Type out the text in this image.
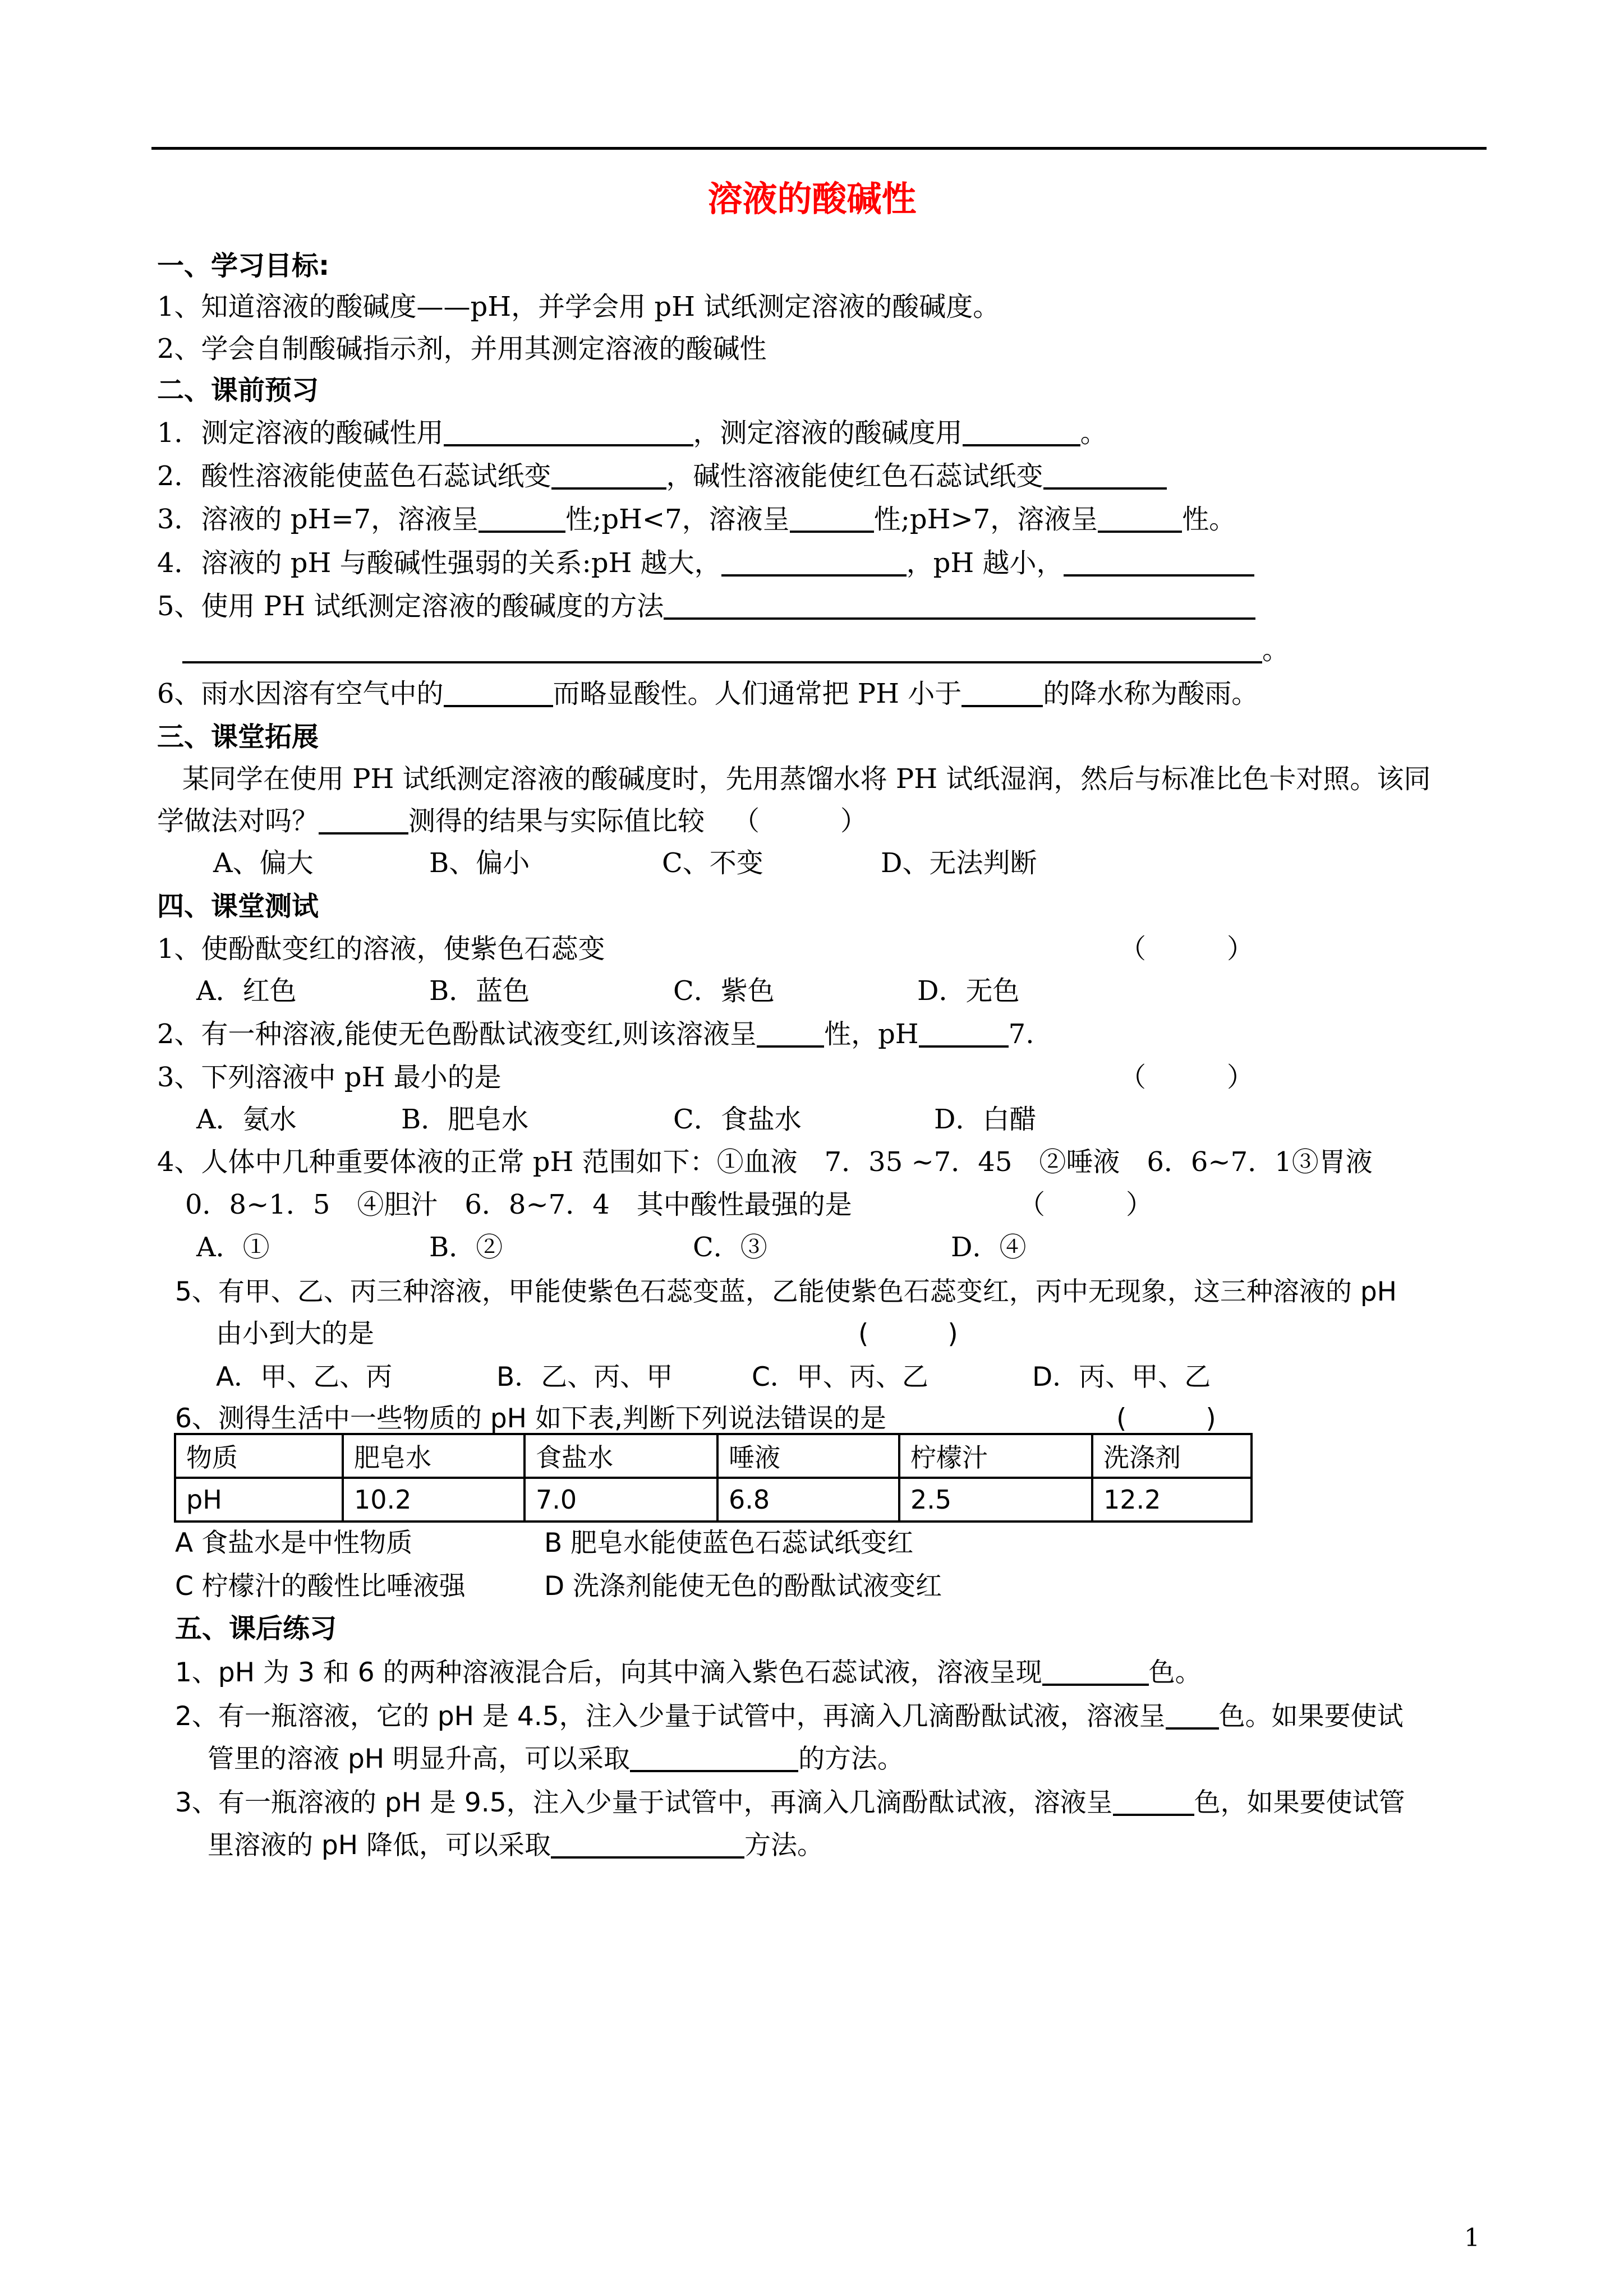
溶液的酸碱性
一、学习目标:
1、知道溶液的酸碱度——pH，并学会用 pH 试纸测定溶液的酸碱度。
2、学会自制酸碱指示剂，并用其测定溶液的酸碱性
二、课前预习
1．测定溶液的酸碱性用	，测定溶液的酸碱度用	。
2．酸性溶液能使蓝色石蕊试纸变	，碱性溶液能使红色石蕊试纸变
3．溶液的 pH=7，溶液呈	性;pH<7，溶液呈	性;pH>7，溶液呈	性。
4．溶液的 pH 与酸碱性强弱的关系:pH 越大，	，pH 越小，
5、使用 PH 试纸测定溶液的酸碱度的方法
。
6、雨水因溶有空气中的	而略显酸性。人们通常把 PH 小于	的降水称为酸雨。
三、课堂拓展
某同学在使用 PH 试纸测定溶液的酸碱度时，先用蒸馏水将 PH 试纸湿润，然后与标准比色卡对照。该同
学做法对吗？	测得的结果与实际值比较 （　　　）
A、偏大	B、偏小	C、不变	D、无法判断
四、课堂测试
1、使酚酞变红的溶液，使紫色石蕊变	（　　　）
A．红色	B．蓝色	C．紫色	D．无色
2、有一种溶液,能使无色酚酞试液变红,则该溶液呈	性，pH	7.
3、下列溶液中 pH 最小的是	（　　　）
A．氨水	B．肥皂水	C．食盐水	D．白醋
4、人体中几种重要体液的正常 pH 范围如下：①血液　7．35 ~7．45　②唾液　6．6~7．1③胃液
0．8~1．5　④胆汁　6．8~7．4　其中酸性最强的是	（　　　）
A．①	B．②	C．③	D．④
5、有甲、乙、丙三种溶液，甲能使紫色石蕊变蓝，乙能使紫色石蕊变红，丙中无现象，这三种溶液的 pH
由小到大的是	(　　　)
A．甲、乙、丙	B．乙、丙、甲	C．甲、丙、乙	D．丙、甲、乙
6、测得生活中一些物质的 pH 如下表,判断下列说法错误的是	(　　　)
物质	肥皂水	食盐水	唾液	柠檬汁	洗涤剂
pH	10.2	7.0	6.8	2.5	12.2
A 食盐水是中性物质	B 肥皂水能使蓝色石蕊试纸变红
C 柠檬汁的酸性比唾液强	D 洗涤剂能使无色的酚酞试液变红
五、课后练习
1、pH 为 3 和 6 的两种溶液混合后，向其中滴入紫色石蕊试液，溶液呈现	色。
2、有一瓶溶液，它的 pH 是 4.5，注入少量于试管中，再滴入几滴酚酞试液，溶液呈 色。如果要使试
管里的溶液 pH 明显升高，可以采取	的方法。
3、有一瓶溶液的 pH 是 9.5，注入少量于试管中，再滴入几滴酚酞试液，溶液呈	色，如果要使试管
里溶液的 pH 降低，可以采取	方法。
1
